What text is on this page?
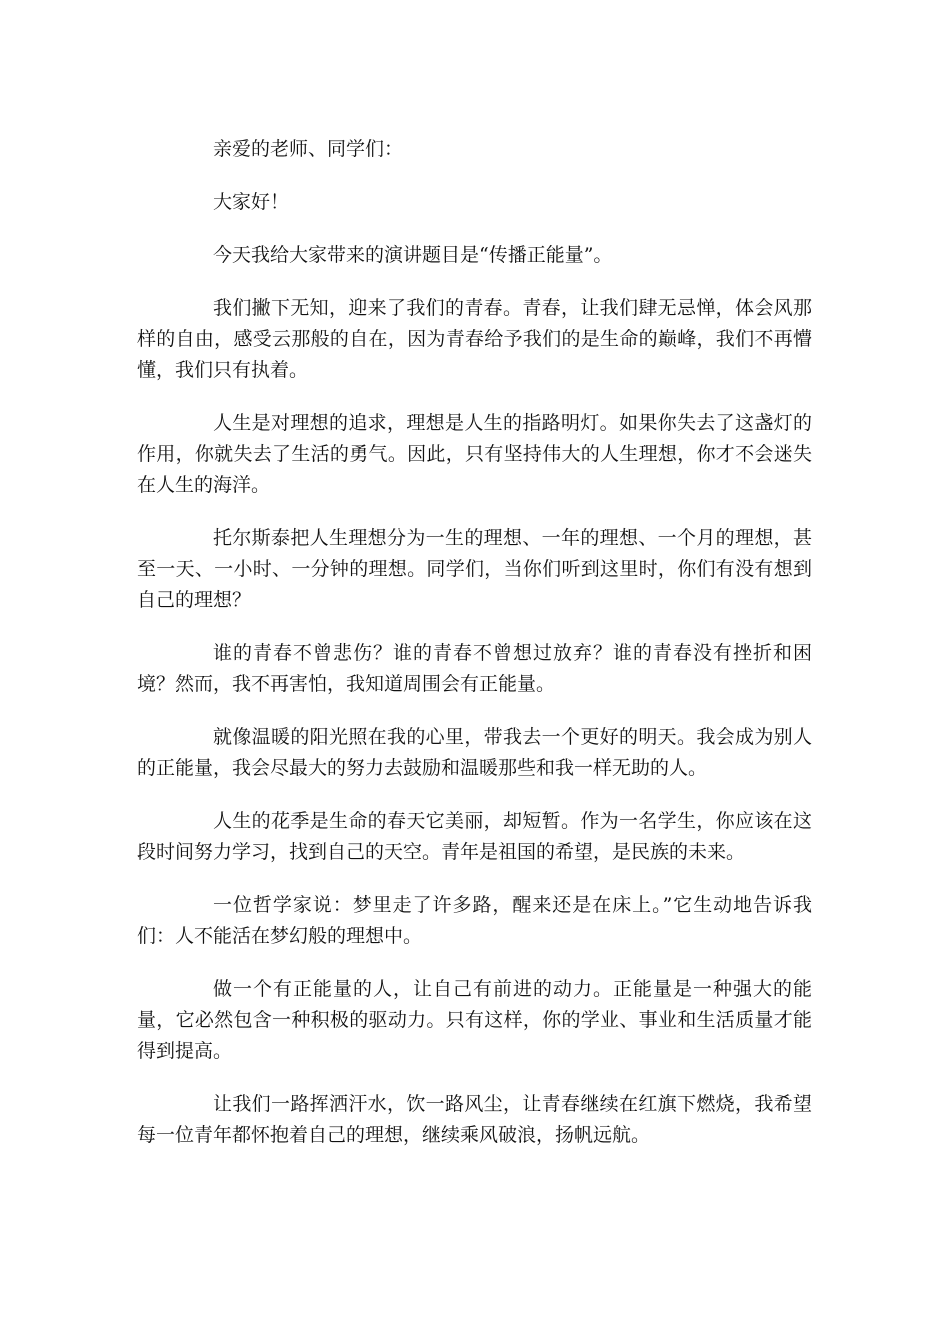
亲爱的老师、同学们：

大家好！

今天我给大家带来的演讲题目是“传播正能量”。

我们撇下无知，迎来了我们的青春。青春，让我们肆无忌惮，体会风那样的自由，感受云那般的自在，因为青春给予我们的是生命的巅峰，我们不再懵懂，我们只有执着。

人生是对理想的追求，理想是人生的指路明灯。如果你失去了这盏灯的作用，你就失去了生活的勇气。因此，只有坚持伟大的人生理想，你才不会迷失在人生的海洋。

托尔斯泰把人生理想分为一生的理想、一年的理想、一个月的理想，甚至一天、一小时、一分钟的理想。同学们，当你们听到这里时，你们有没有想到自己的理想？

谁的青春不曾悲伤？谁的青春不曾想过放弃？谁的青春没有挫折和困境？然而，我不再害怕，我知道周围会有正能量。

就像温暖的阳光照在我的心里，带我去一个更好的明天。我会成为别人的正能量，我会尽最大的努力去鼓励和温暖那些和我一样无助的人。

人生的花季是生命的春天它美丽，却短暂。作为一名学生，你应该在这段时间努力学习，找到自己的天空。青年是祖国的希望，是民族的未来。

一位哲学家说：梦里走了许多路，醒来还是在床上。”它生动地告诉我们：人不能活在梦幻般的理想中。

做一个有正能量的人，让自己有前进的动力。正能量是一种强大的能量，它必然包含一种积极的驱动力。只有这样，你的学业、事业和生活质量才能得到提高。

让我们一路挥洒汗水，饮一路风尘，让青春继续在红旗下燃烧，我希望每一位青年都怀抱着自己的理想，继续乘风破浪，扬帆远航。
